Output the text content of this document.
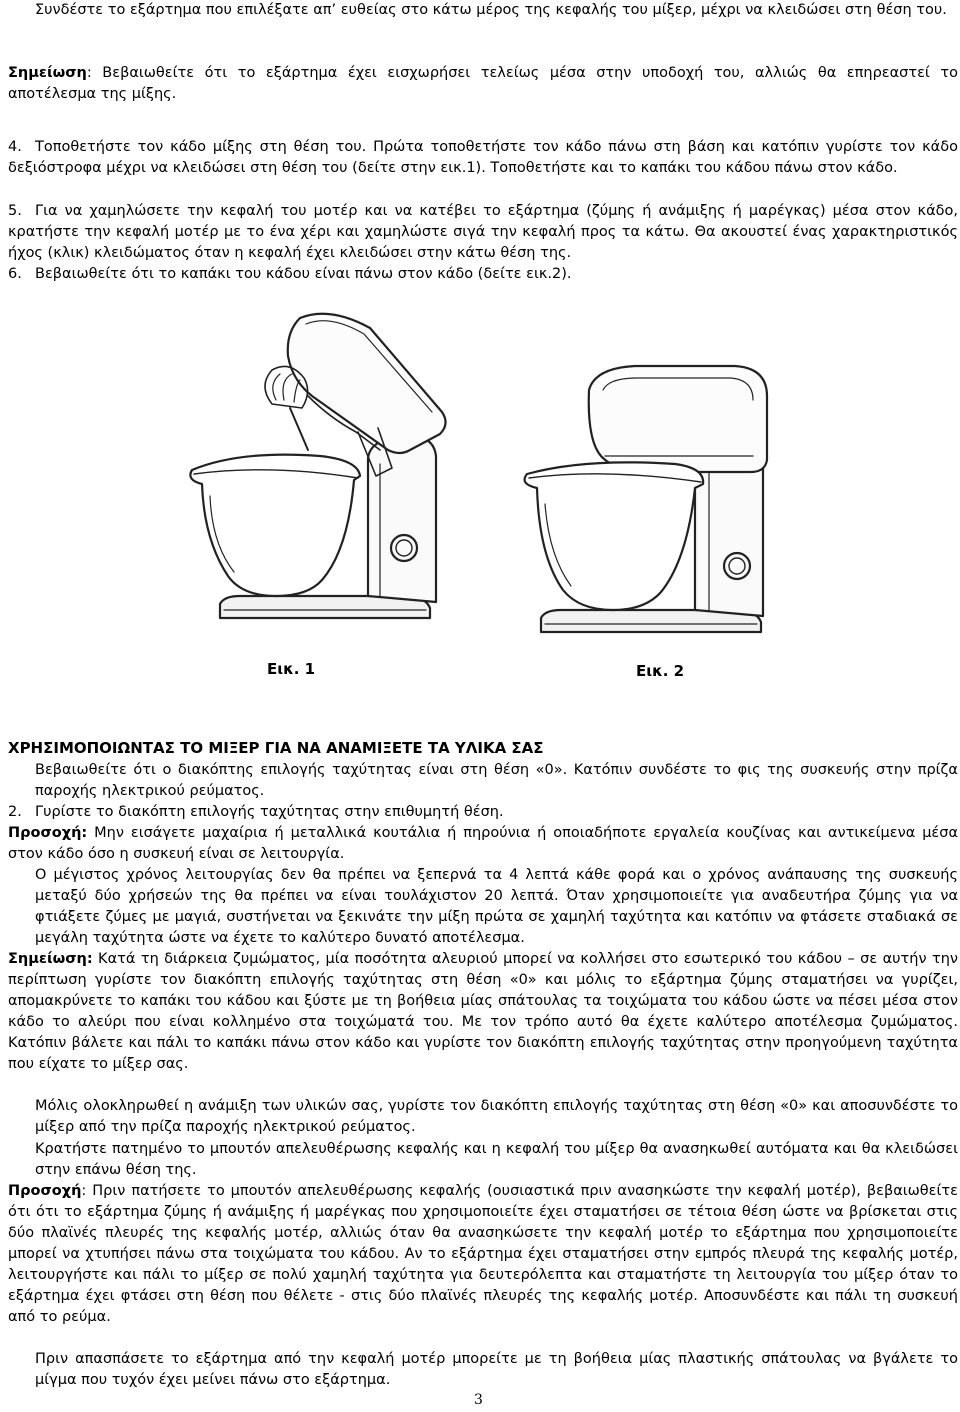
Συνδέστε το εξάρτημα που επιλέξατε απ’ ευθείας στο κάτω μέρος της κεφαλής του μίξερ, μέχρι να κλειδώσει στη θέση του.

Σημείωση: Βεβαιωθείτε ότι το εξάρτημα έχει εισχωρήσει τελείως μέσα στην υποδοχή του, αλλιώς θα επηρεαστεί το αποτέλεσμα της μίξης.

4. Τοποθετήστε τον κάδο μίξης στη θέση του. Πρώτα τοποθετήστε τον κάδο πάνω στη βάση και κατόπιν γυρίστε τον κάδο δεξιόστροφα μέχρι να κλειδώσει στη θέση του (δείτε στην εικ.1). Τοποθετήστε και το καπάκι του κάδου πάνω στον κάδο.

5. Για να χαμηλώσετε την κεφαλή του μοτέρ και να κατέβει το εξάρτημα (ζύμης ή ανάμιξης ή μαρέγκας) μέσα στον κάδο, κρατήστε την κεφαλή μοτέρ με το ένα χέρι και χαμηλώστε σιγά την κεφαλή προς τα κάτω. Θα ακουστεί ένας χαρακτηριστικός ήχος (κλικ) κλειδώματος όταν η κεφαλή έχει κλειδώσει στην κάτω θέση της.

6. Βεβαιωθείτε ότι το καπάκι του κάδου είναι πάνω στον κάδο (δείτε εικ.2).

Εικ. 1	Εικ. 2
ΧΡΗΣΙΜΟΠΟΙΩΝΤΑΣ ΤΟ ΜΙΞΕΡ ΓΙΑ ΝΑ ΑΝΑΜΙΞΕΤΕ ΤΑ ΥΛΙΚΑ ΣΑΣ

Βεβαιωθείτε ότι ο διακόπτης επιλογής ταχύτητας είναι στη θέση «0». Κατόπιν συνδέστε το φις της συσκευής στην πρίζα παροχής ηλεκτρικού ρεύματος.

2. Γυρίστε το διακόπτη επιλογής ταχύτητας στην επιθυμητή θέση.

Προσοχή: Μην εισάγετε μαχαίρια ή μεταλλικά κουτάλια ή πηρούνια ή οποιαδήποτε εργαλεία κουζίνας και αντικείμενα μέσα στον κάδο όσο η συσκευή είναι σε λειτουργία.

Ο μέγιστος χρόνος λειτουργίας δεν θα πρέπει να ξεπερνά τα 4 λεπτά κάθε φορά και ο χρόνος ανάπαυσης της συσκευής μεταξύ δύο χρήσεών της θα πρέπει να είναι τουλάχιστον 20 λεπτά. Όταν χρησιμοποιείτε για αναδευτήρα ζύμης για να φτιάξετε ζύμες με μαγιά, συστήνεται να ξεκινάτε την μίξη πρώτα σε χαμηλή ταχύτητα και κατόπιν να φτάσετε σταδιακά σε μεγάλη ταχύτητα ώστε να έχετε το καλύτερο δυνατό αποτέλεσμα.

Σημείωση: Κατά τη διάρκεια ζυμώματος, μία ποσότητα αλευριού μπορεί να κολλήσει στο εσωτερικό του κάδου – σε αυτήν την περίπτωση γυρίστε τον διακόπτη επιλογής ταχύτητας στη θέση «0» και μόλις το εξάρτημα ζύμης σταματήσει να γυρίζει, απομακρύνετε το καπάκι του κάδου και ξύστε με τη βοήθεια μίας σπάτουλας τα τοιχώματα του κάδου ώστε να πέσει μέσα στον κάδο το αλεύρι που είναι κολλημένο στα τοιχώματά του. Με τον τρόπο αυτό θα έχετε καλύτερο αποτέλεσμα ζυμώματος. Κατόπιν βάλετε και πάλι το καπάκι πάνω στον κάδο και γυρίστε τον διακόπτη επιλογής ταχύτητας στην προηγούμενη ταχύτητα που είχατε το μίξερ σας.

Μόλις ολοκληρωθεί η ανάμιξη των υλικών σας, γυρίστε τον διακόπτη επιλογής ταχύτητας στη θέση «0» και αποσυνδέστε το μίξερ από την πρίζα παροχής ηλεκτρικού ρεύματος.

Κρατήστε πατημένο το μπουτόν απελευθέρωσης κεφαλής και η κεφαλή του μίξερ θα ανασηκωθεί αυτόματα και θα κλειδώσει στην επάνω θέση της.

Προσοχή: Πριν πατήσετε το μπουτόν απελευθέρωσης κεφαλής (ουσιαστικά πριν ανασηκώστε την κεφαλή μοτέρ), βεβαιωθείτε ότι ότι το εξάρτημα ζύμης ή ανάμιξης ή μαρέγκας που χρησιμοποιείτε έχει σταματήσει σε τέτοια θέση ώστε να βρίσκεται στις δύο πλαϊνές πλευρές της κεφαλής μοτέρ, αλλιώς όταν θα ανασηκώσετε την κεφαλή μοτέρ το εξάρτημα που χρησιμοποιείτε μπορεί να χτυπήσει πάνω στα τοιχώματα του κάδου. Αν το εξάρτημα έχει σταματήσει στην εμπρός πλευρά της κεφαλής μοτέρ, λειτουργήστε και πάλι το μίξερ σε πολύ χαμηλή ταχύτητα για δευτερόλεπτα και σταματήστε τη λειτουργία του μίξερ όταν το εξάρτημα έχει φτάσει στη θέση που θέλετε - στις δύο πλαϊνές πλευρές της κεφαλής μοτέρ. Αποσυνδέστε και πάλι τη συσκευή από το ρεύμα.

Πριν απασπάσετε το εξάρτημα από την κεφαλή μοτέρ μπορείτε με τη βοήθεια μίας πλαστικής σπάτουλας να βγάλετε το μίγμα που τυχόν έχει μείνει πάνω στο εξάρτημα.

3
